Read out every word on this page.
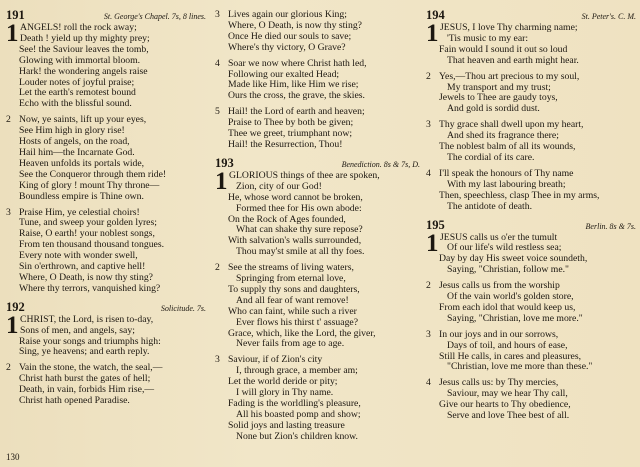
191	St. George's Chapel. 7s, 8 lines.
1 ANGELS! roll the rock away;
Death ! yield up thy mighty prey;
See! the Saviour leaves the tomb,
Glowing with immortal bloom.
Hark! the wondering angels raise
Louder notes of joyful praise;
Let the earth's remotest bound
Echo with the blissful sound.
2 Now, ye saints, lift up your eyes,
See Him high in glory rise!
Hosts of angels, on the road,
Hail him—the Incarnate God.
Heaven unfolds its portals wide,
See the Conqueror through them ride!
King of glory ! mount Thy throne—
Boundless empire is Thine own.
3 Praise Him, ye celestial choirs!
Tune, and sweep your golden lyres;
Raise, O earth! your noblest songs,
From ten thousand thousand tongues.
Every note with wonder swell,
Sin o'erthrown, and captive hell!
Where, O Death, is now thy sting?
Where thy terrors, vanquished king?
192	Solicitude. 7s.
1 CHRIST, the Lord, is risen to-day,
Sons of men, and angels, say;
Raise your songs and triumphs high:
Sing, ye heavens; and earth reply.
2 Vain the stone, the watch, the seal,—
Christ hath burst the gates of hell;
Death, in vain, forbids Him rise,—
Christ hath opened Paradise.
3 Lives again our glorious King;
Where, O Death, is now thy sting?
Once He died our souls to save;
Where's thy victory, O Grave?
4 Soar we now where Christ hath led,
Following our exalted Head;
Made like Him, like Him we rise;
Ours the cross, the grave, the skies.
5 Hail! the Lord of earth and heaven;
Praise to Thee by both be given;
Thee we greet, triumphant now;
Hail! the Resurrection, Thou!
193	Benediction. 8s & 7s, D.
1 GLORIOUS things of thee are spoken,
Zion, city of our God!
He, whose word cannot be broken,
Formed thee for His own abode:
On the Rock of Ages founded,
What can shake thy sure repose?
With salvation's walls surrounded,
Thou may'st smile at all thy foes.
2 See the streams of living waters,
Springing from eternal love,
To supply thy sons and daughters,
And all fear of want remove!
Who can faint, while such a river
Ever flows his thirst t' assuage?
Grace, which, like the Lord, the giver,
Never fails from age to age.
3 Saviour, if of Zion's city
I, through grace, a member am;
Let the world deride or pity;
I will glory in Thy name.
Fading is the worldling's pleasure,
All his boasted pomp and show;
Solid joys and lasting treasure
None but Zion's children know.
194	St. Peter's. C. M.
1 JESUS, I love Thy charming name;
'Tis music to my ear:
Fain would I sound it out so loud
That heaven and earth might hear.
2 Yes,—Thou art precious to my soul,
My transport and my trust;
Jewels to Thee are gaudy toys,
And gold is sordid dust.
3 Thy grace shall dwell upon my heart,
And shed its fragrance there;
The noblest balm of all its wounds,
The cordial of its care.
4 I'll speak the honours of Thy name
With my last labouring breath;
Then, speechless, clasp Thee in my arms,
The antidote of death.
195	Berlin. 8s & 7s.
1 JESUS calls us o'er the tumult
Of our life's wild restless sea;
Day by day His sweet voice soundeth,
Saying, "Christian, follow me."
2 Jesus calls us from the worship
Of the vain world's golden store,
From each idol that would keep us,
Saying, "Christian, love me more."
3 In our joys and in our sorrows,
Days of toil, and hours of ease,
Still He calls, in cares and pleasures,
"Christian, love me more than these."
4 Jesus calls us: by Thy mercies,
Saviour, may we hear Thy call,
Give our hearts to Thy obedience,
Serve and love Thee best of all.
130
